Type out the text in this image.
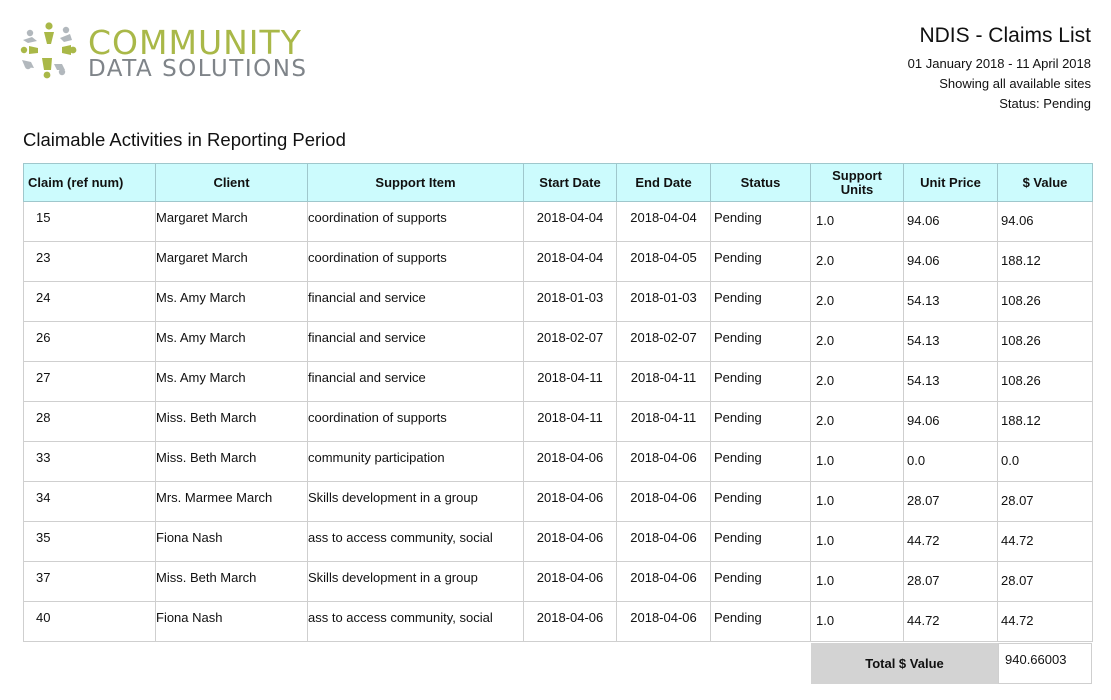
COMMUNITY
DATA SOLUTIONS
NDIS - Claims List
01 January 2018 - 11 April 2018
Showing all available sites
Status: Pending
Claimable Activities in Reporting Period
Claim (ref num)	Client	Support Item	Start Date	End Date	Status	Support Units	Unit Price	$ Value
15	Margaret March	coordination of supports	2018-04-04	2018-04-04	Pending	1.0	94.06	94.06
23	Margaret March	coordination of supports	2018-04-04	2018-04-05	Pending	2.0	94.06	188.12
24	Ms. Amy March	financial and service	2018-01-03	2018-01-03	Pending	2.0	54.13	108.26
26	Ms. Amy March	financial and service	2018-02-07	2018-02-07	Pending	2.0	54.13	108.26
27	Ms. Amy March	financial and service	2018-04-11	2018-04-11	Pending	2.0	54.13	108.26
28	Miss. Beth March	coordination of supports	2018-04-11	2018-04-11	Pending	2.0	94.06	188.12
33	Miss. Beth March	community participation	2018-04-06	2018-04-06	Pending	1.0	0.0	0.0
34	Mrs. Marmee March	Skills development in a group	2018-04-06	2018-04-06	Pending	1.0	28.07	28.07
35	Fiona Nash	ass to access community, social	2018-04-06	2018-04-06	Pending	1.0	44.72	44.72
37	Miss. Beth March	Skills development in a group	2018-04-06	2018-04-06	Pending	1.0	28.07	28.07
40	Fiona Nash	ass to access community, social	2018-04-06	2018-04-06	Pending	1.0	44.72	44.72
Total $ Value	940.66003
